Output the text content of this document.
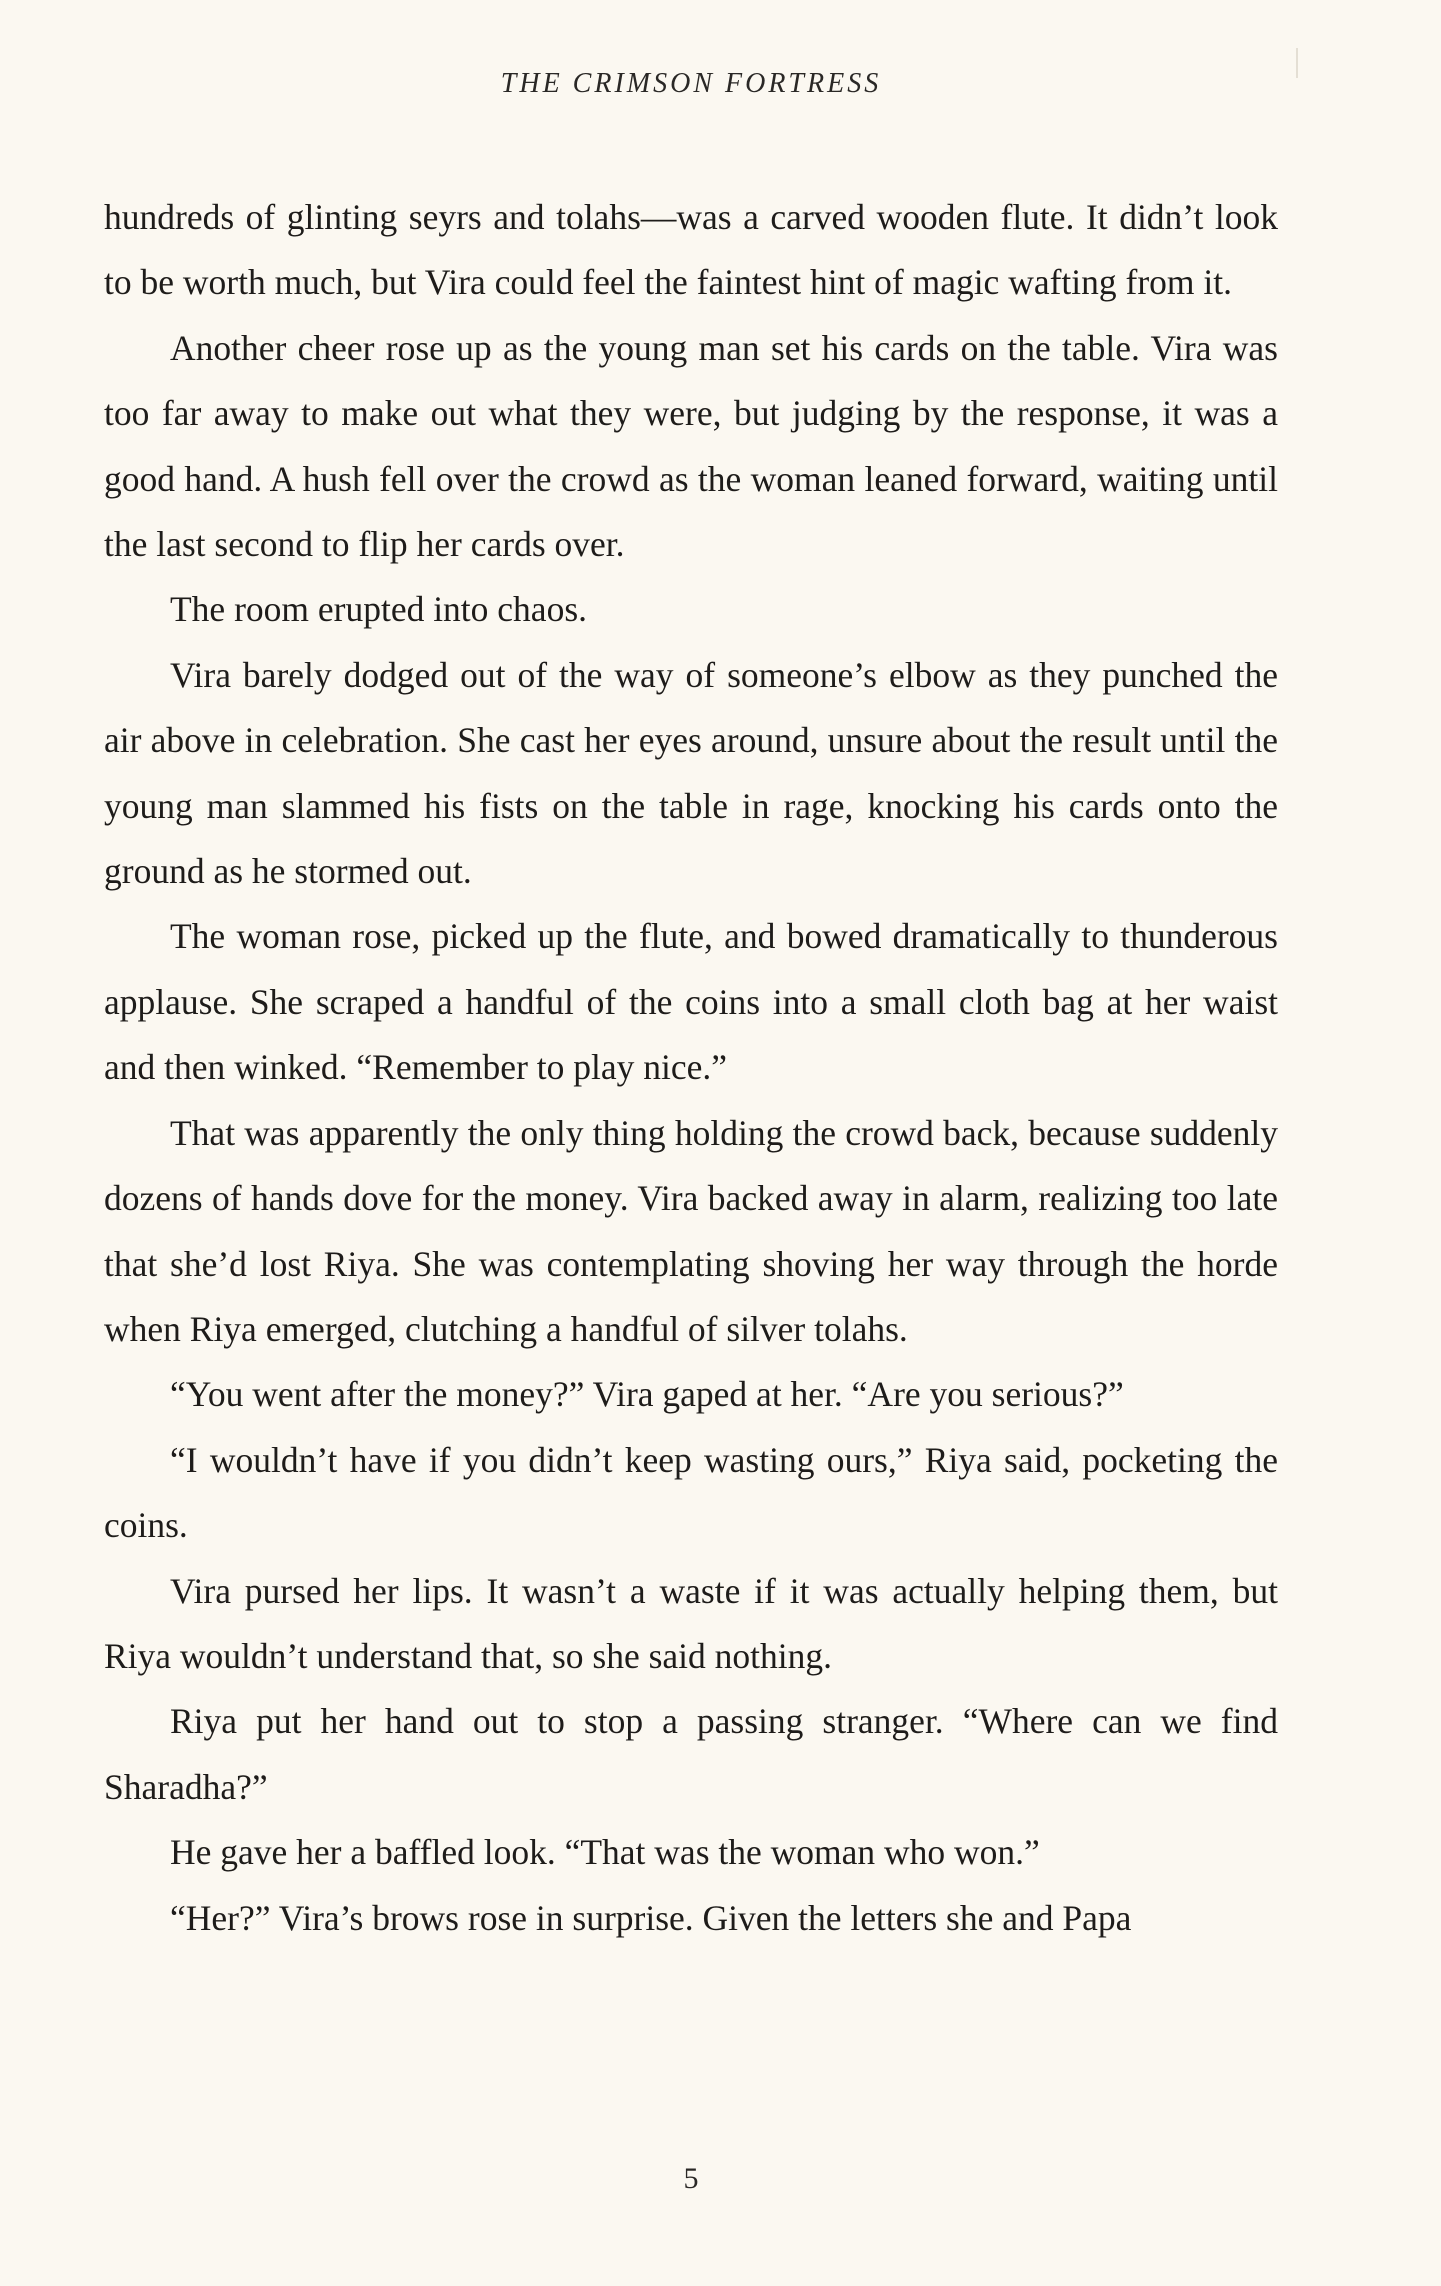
THE CRIMSON FORTRESS

hundreds of glinting seyrs and tolahs—was a carved wooden flute. It didn’t look to be worth much, but Vira could feel the faintest hint of magic wafting from it.

Another cheer rose up as the young man set his cards on the table. Vira was too far away to make out what they were, but judging by the response, it was a good hand. A hush fell over the crowd as the woman leaned forward, waiting until the last second to flip her cards over.

The room erupted into chaos.

Vira barely dodged out of the way of someone’s elbow as they punched the air above in celebration. She cast her eyes around, unsure about the result until the young man slammed his fists on the table in rage, knocking his cards onto the ground as he stormed out.

The woman rose, picked up the flute, and bowed dramatically to thunderous applause. She scraped a handful of the coins into a small cloth bag at her waist and then winked. “Remember to play nice.”

That was apparently the only thing holding the crowd back, because suddenly dozens of hands dove for the money. Vira backed away in alarm, realizing too late that she’d lost Riya. She was contemplating shoving her way through the horde when Riya emerged, clutching a handful of silver tolahs.

“You went after the money?” Vira gaped at her. “Are you serious?”

“I wouldn’t have if you didn’t keep wasting ours,” Riya said, pocketing the coins.

Vira pursed her lips. It wasn’t a waste if it was actually helping them, but Riya wouldn’t understand that, so she said nothing.

Riya put her hand out to stop a passing stranger. “Where can we find Sharadha?”

He gave her a baffled look. “That was the woman who won.”

“Her?” Vira’s brows rose in surprise. Given the letters she and Papa

5
